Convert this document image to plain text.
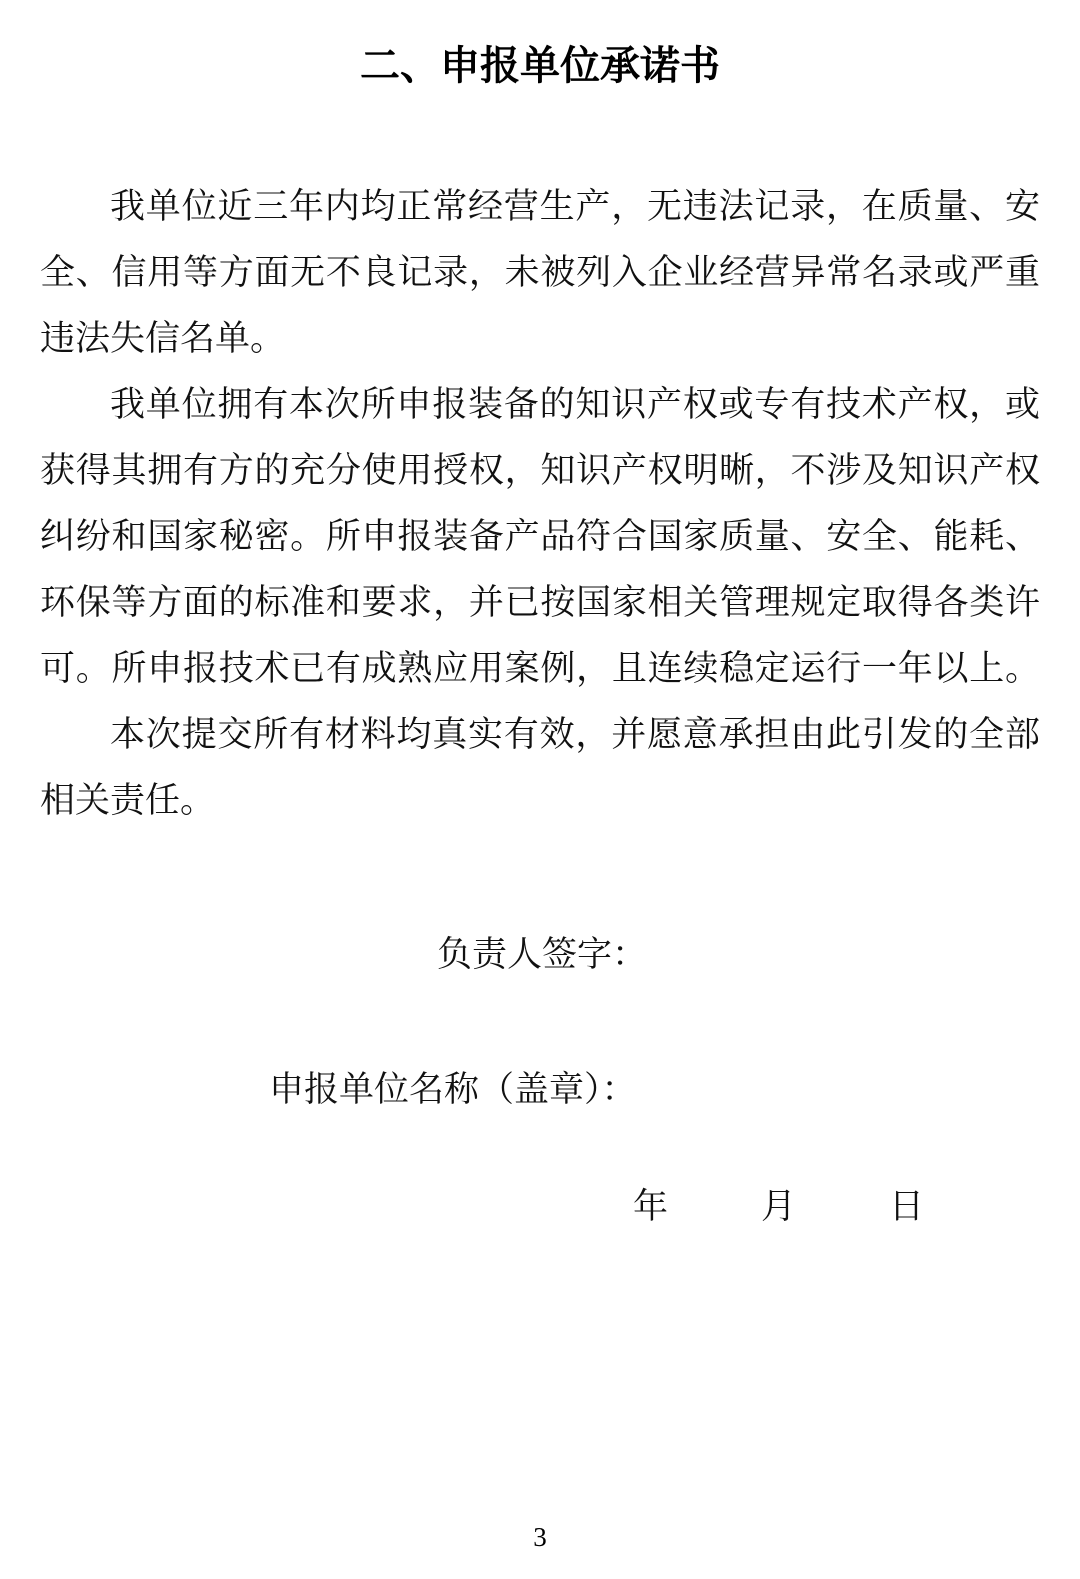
二、申报单位承诺书
我单位近三年内均正常经营生产，无违法记录，在质量、安
全、信用等方面无不良记录，未被列入企业经营异常名录或严重
违法失信名单。
我单位拥有本次所申报装备的知识产权或专有技术产权，或
获得其拥有方的充分使用授权，知识产权明晰，不涉及知识产权
纠纷和国家秘密。所申报装备产品符合国家质量、安全、能耗、
环保等方面的标准和要求，并已按国家相关管理规定取得各类许
可。所申报技术已有成熟应用案例，且连续稳定运行一年以上。
本次提交所有材料均真实有效，并愿意承担由此引发的全部
相关责任。
负责人签字：
申报单位名称（盖章）：
年	月	日
3
